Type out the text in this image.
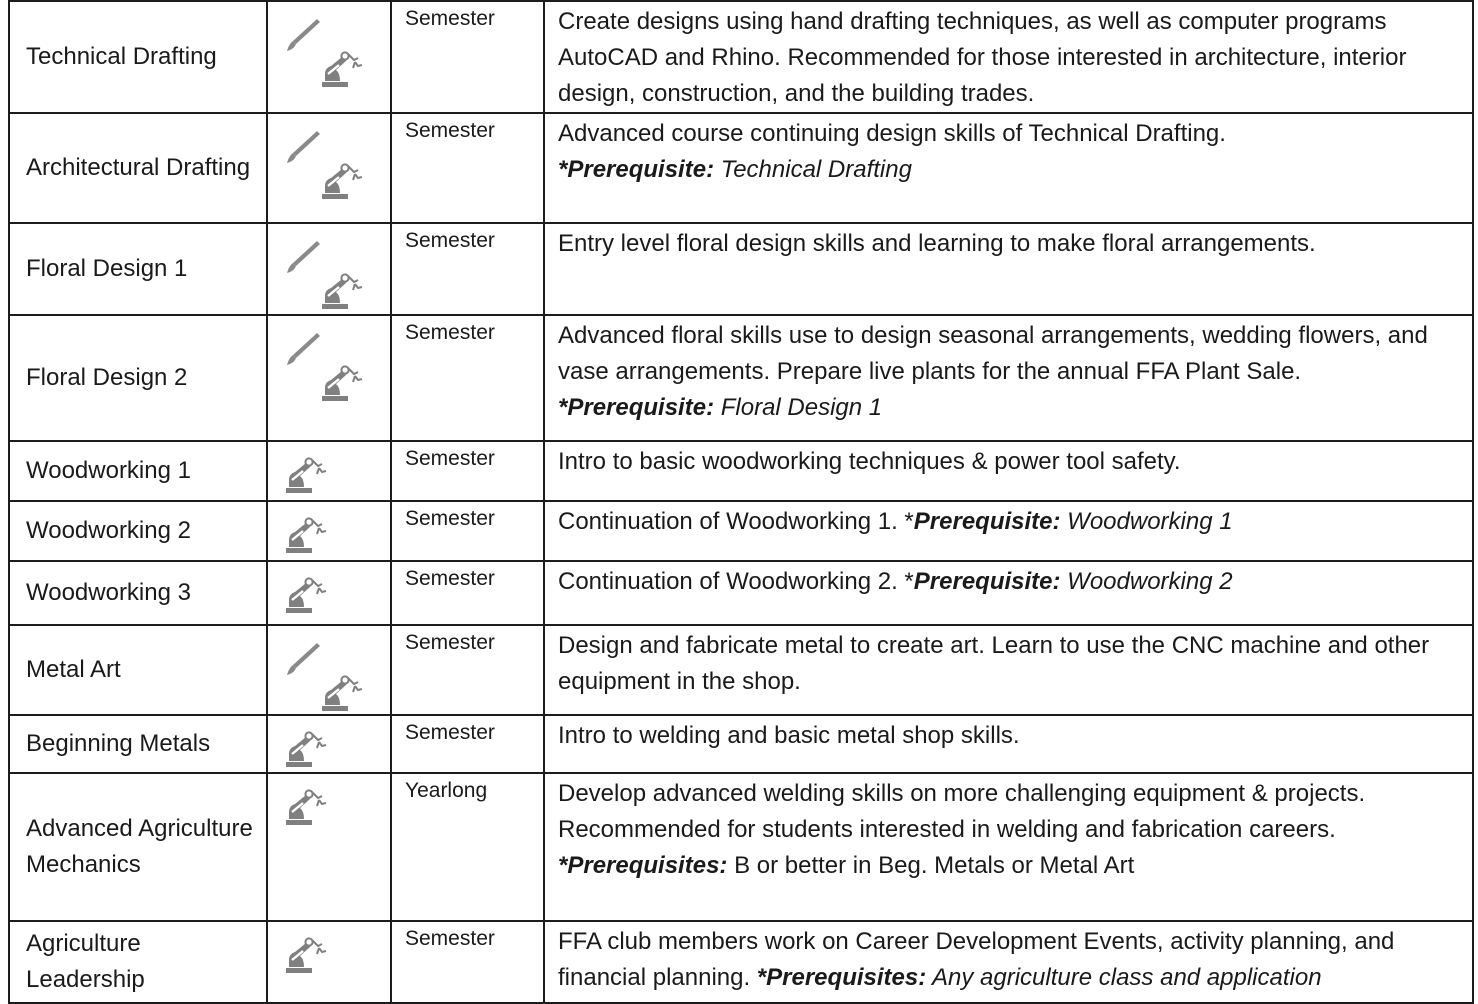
Technical Drafting		Semester	Create designs using hand drafting techniques, as well as computer programs AutoCAD and Rhino. Recommended for those interested in architecture, interior design, construction, and the building trades.
Architectural Drafting		Semester	Advanced course continuing design skills of Technical Drafting.
*Prerequisite: Technical Drafting
Floral Design 1		Semester	Entry level floral design skills and learning to make floral arrangements.
Floral Design 2		Semester	Advanced floral skills use to design seasonal arrangements, wedding flowers, and vase arrangements. Prepare live plants for the annual FFA Plant Sale.
*Prerequisite: Floral Design 1
Woodworking 1		Semester	Intro to basic woodworking techniques & power tool safety.
Woodworking 2		Semester	Continuation of Woodworking 1. *Prerequisite: Woodworking 1
Woodworking 3		Semester	Continuation of Woodworking 2. *Prerequisite: Woodworking 2
Metal Art		Semester	Design and fabricate metal to create art. Learn to use the CNC machine and other equipment in the shop.
Beginning Metals		Semester	Intro to welding and basic metal shop skills.
Advanced Agriculture Mechanics		Yearlong	Develop advanced welding skills on more challenging equipment & projects. Recommended for students interested in welding and fabrication careers.
*Prerequisites: B or better in Beg. Metals or Metal Art
Agriculture Leadership		Semester	FFA club members work on Career Development Events, activity planning, and financial planning. *Prerequisites: Any agriculture class and application
